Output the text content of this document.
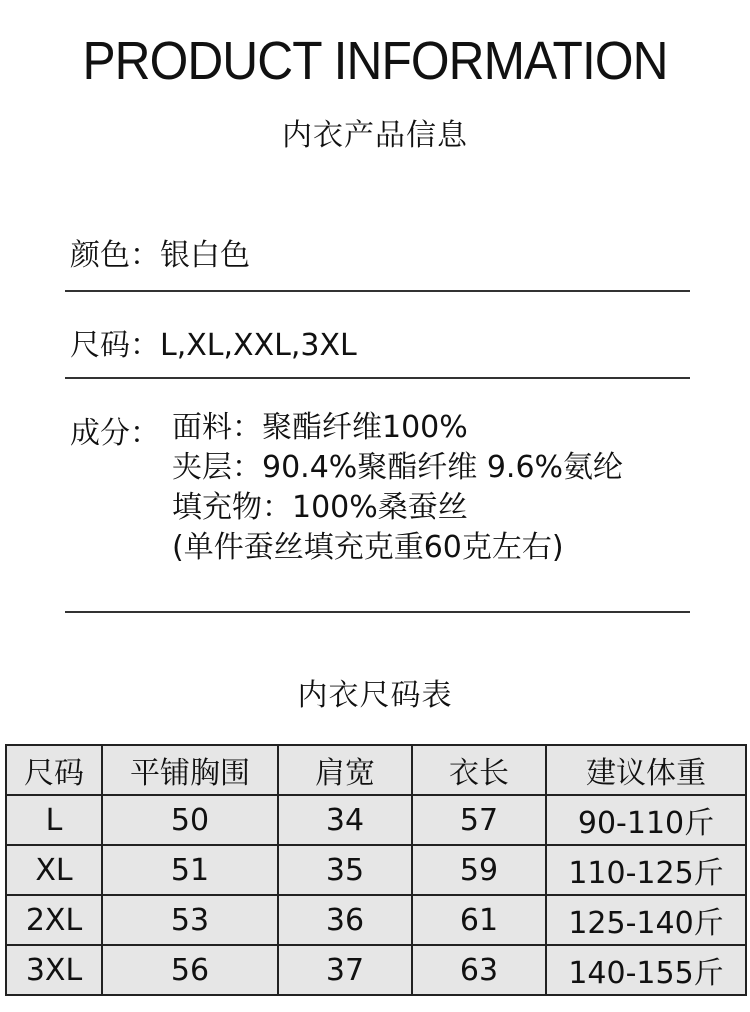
PRODUCT INFORMATION
内衣产品信息
颜色：银白色
尺码：L,XL,XXL,3XL
成分： 面料：聚酯纤维100%
夹层：90.4%聚酯纤维 9.6%氨纶
填充物：100%桑蚕丝
(单件蚕丝填充克重60克左右)
内衣尺码表
尺码	平铺胸围	肩宽	衣长	建议体重
L	50	34	57	90-110斤
XL	51	35	59	110-125斤
2XL	53	36	61	125-140斤
3XL	56	37	63	140-155斤
